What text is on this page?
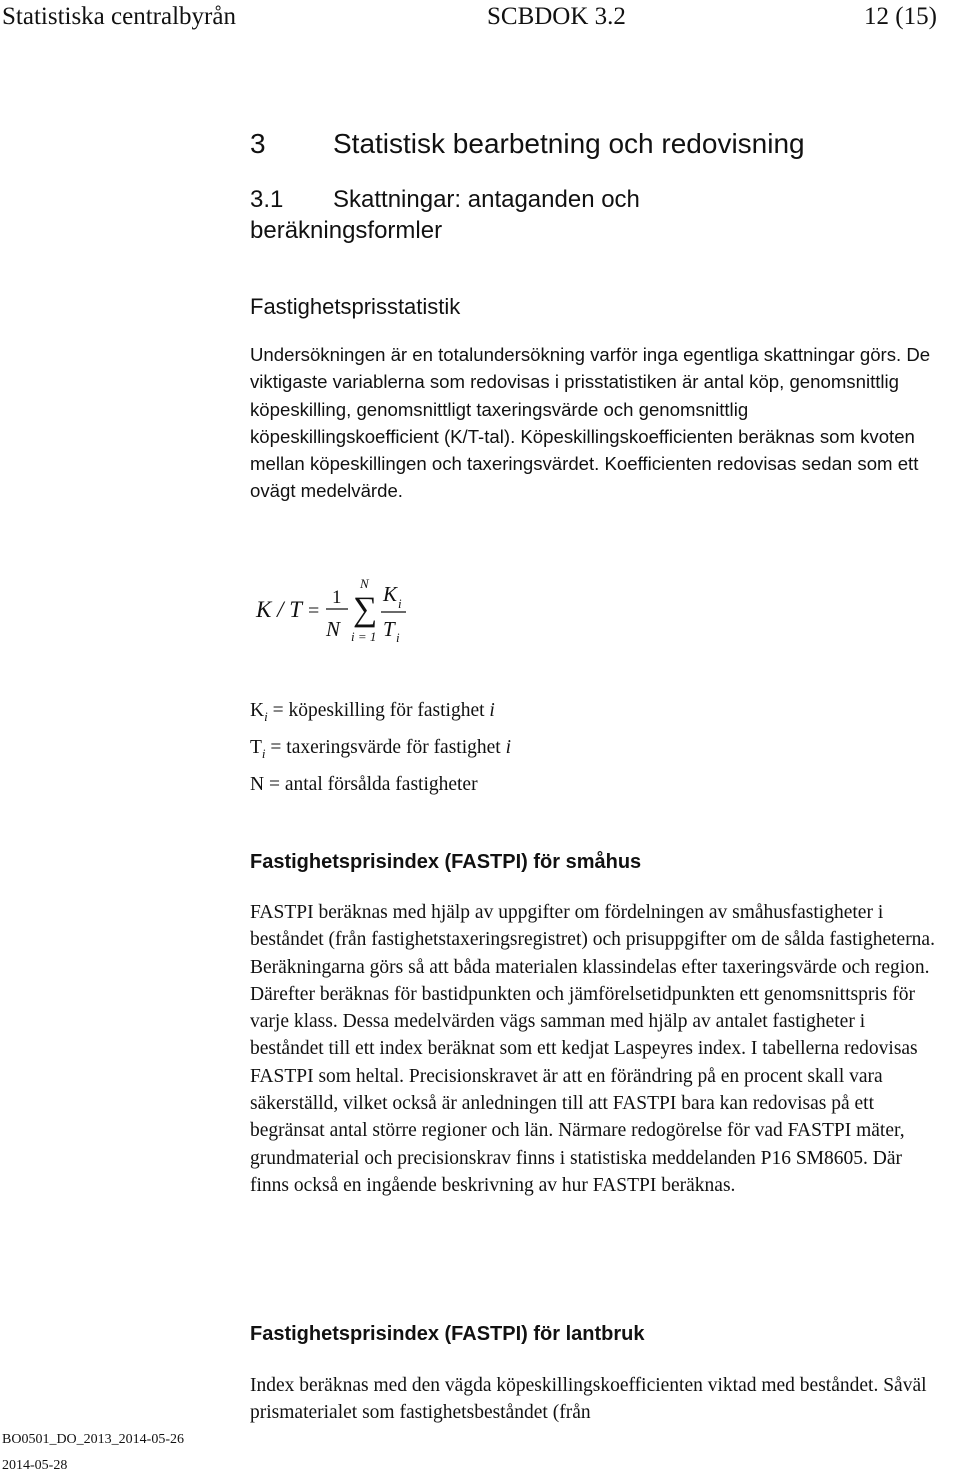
Statistiska centralbyrån	SCBDOK 3.2	12 (15)
3 Statistisk bearbetning och redovisning
3.1 Skattningar: antaganden och
beräkningsformler
Fastighetsprisstatistik

Undersökningen är en totalundersökning varför inga egentliga skattningar görs. De viktigaste variablerna som redovisas i prisstatistiken är antal köp, genomsnittlig köpeskilling, genomsnittligt taxeringsvärde och genomsnittlig köpeskillingskoefficient (K/T-tal). Köpeskillingskoefficienten beräknas som kvoten mellan köpeskillingen och taxeringsvärdet. Koefficienten redovisas sedan som ett ovägt medelvärde.

K / T =
1
N
N
∑
i = 1
K i
T i
$K_i$ = köpeskilling för fastighet i
$T_i$ = taxeringsvärde för fastighet i
N = antal försålda fastigheter
Fastighetsprisindex (FASTPI) för småhus

FASTPI beräknas med hjälp av uppgifter om fördelningen av småhusfastigheter i beståndet (från fastighetstaxeringsregistret) och prisuppgifter om de sålda fastigheterna. Beräkningarna görs så att båda materialen klassindelas efter taxeringsvärde och region. Därefter beräknas för bastidpunkten och jämförelsetidpunkten ett genomsnittspris för varje klass. Dessa medelvärden vägs samman med hjälp av antalet fastigheter i beståndet till ett index beräknat som ett kedjat Laspeyres index. I tabellerna redovisas FASTPI som heltal. Precisionskravet är att en förändring på en procent skall vara säkerställd, vilket också är anledningen till att FASTPI bara kan redovisas på ett begränsat antal större regioner och län. Närmare redogörelse för vad FASTPI mäter, grundmaterial och precisionskrav finns i statistiska meddelanden P16 SM8605. Där finns också en ingående beskrivning av hur FASTPI beräknas.

Fastighetsprisindex (FASTPI) för lantbruk

Index beräknas med den vägda köpeskillingskoefficienten viktad med beståndet. Såväl prismaterialet som fastighetsbeståndet (från

BO0501_DO_2013_2014-05-26
2014-05-28
